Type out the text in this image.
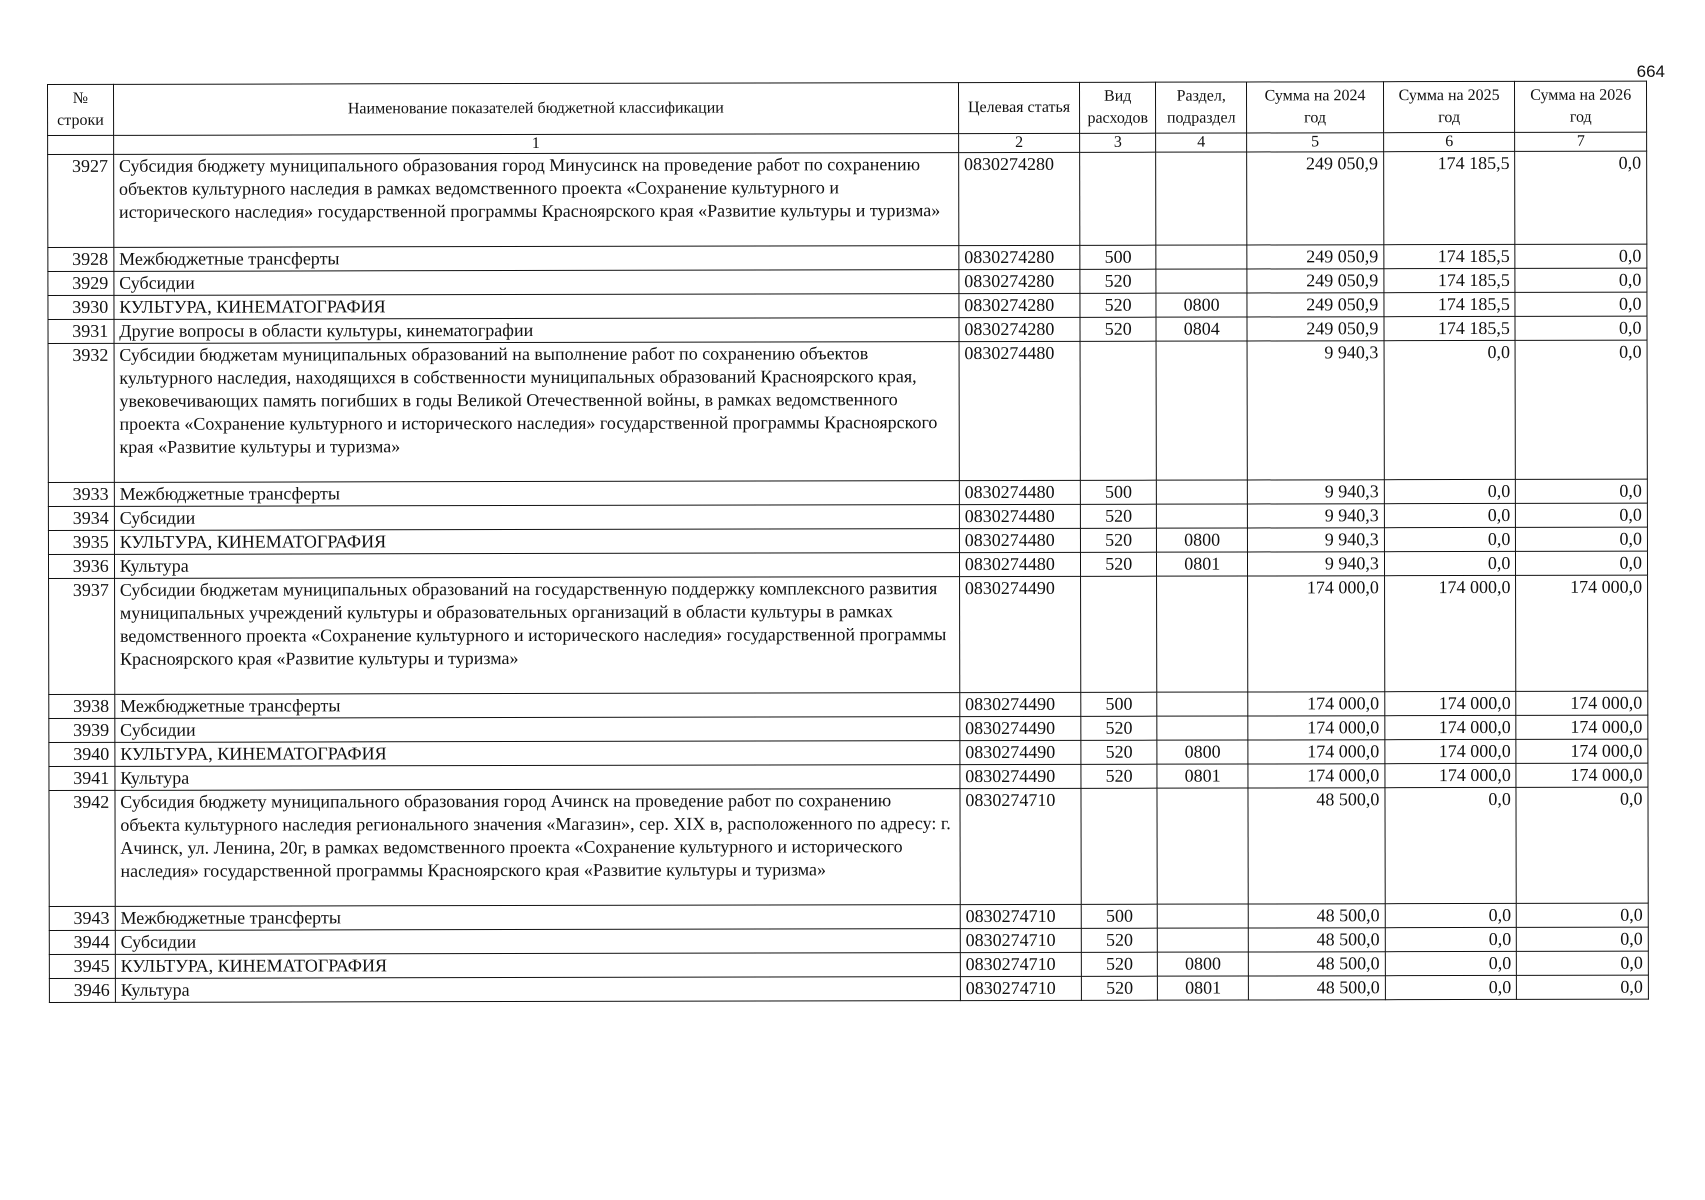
664
№ строки	Наименование показателей бюджетной классификации	Целевая статья	Вид расходов	Раздел, подраздел	Сумма на 2024 год	Сумма на 2025 год	Сумма на 2026 год
	1	2	3	4	5	6	7
3927	Субсидия бюджету муниципального образования город Минусинск на проведение работ по сохранению объектов культурного наследия в рамках ведомственного проекта «Сохранение культурного и исторического наследия» государственной программы Красноярского края «Развитие культуры и туризма»	0830274280			249 050,9	174 185,5	0,0
3928	Межбюджетные трансферты	0830274280	500		249 050,9	174 185,5	0,0
3929	Субсидии	0830274280	520		249 050,9	174 185,5	0,0
3930	КУЛЬТУРА, КИНЕМАТОГРАФИЯ	0830274280	520	0800	249 050,9	174 185,5	0,0
3931	Другие вопросы в области культуры, кинематографии	0830274280	520	0804	249 050,9	174 185,5	0,0
3932	Субсидии бюджетам муниципальных образований на выполнение работ по сохранению объектов культурного наследия, находящихся в собственности муниципальных образований Красноярского края, увековечивающих память погибших в годы Великой Отечественной войны, в рамках ведомственного проекта «Сохранение культурного и исторического наследия» государственной программы Красноярского края «Развитие культуры и туризма»	0830274480			9 940,3	0,0	0,0
3933	Межбюджетные трансферты	0830274480	500		9 940,3	0,0	0,0
3934	Субсидии	0830274480	520		9 940,3	0,0	0,0
3935	КУЛЬТУРА, КИНЕМАТОГРАФИЯ	0830274480	520	0800	9 940,3	0,0	0,0
3936	Культура	0830274480	520	0801	9 940,3	0,0	0,0
3937	Субсидии бюджетам муниципальных образований на государственную поддержку комплексного развития муниципальных учреждений культуры и образовательных организаций в области культуры в рамках ведомственного проекта «Сохранение культурного и исторического наследия» государственной программы Красноярского края «Развитие культуры и туризма»	0830274490			174 000,0	174 000,0	174 000,0
3938	Межбюджетные трансферты	0830274490	500		174 000,0	174 000,0	174 000,0
3939	Субсидии	0830274490	520		174 000,0	174 000,0	174 000,0
3940	КУЛЬТУРА, КИНЕМАТОГРАФИЯ	0830274490	520	0800	174 000,0	174 000,0	174 000,0
3941	Культура	0830274490	520	0801	174 000,0	174 000,0	174 000,0
3942	Субсидия бюджету муниципального образования город Ачинск на проведение работ по сохранению объекта культурного наследия регионального значения «Магазин», сер. XIX в, расположенного по адресу: г. Ачинск, ул. Ленина, 20г, в рамках ведомственного проекта «Сохранение культурного и исторического наследия» государственной программы Красноярского края «Развитие культуры и туризма»	0830274710			48 500,0	0,0	0,0
3943	Межбюджетные трансферты	0830274710	500		48 500,0	0,0	0,0
3944	Субсидии	0830274710	520		48 500,0	0,0	0,0
3945	КУЛЬТУРА, КИНЕМАТОГРАФИЯ	0830274710	520	0800	48 500,0	0,0	0,0
3946	Культура	0830274710	520	0801	48 500,0	0,0	0,0
